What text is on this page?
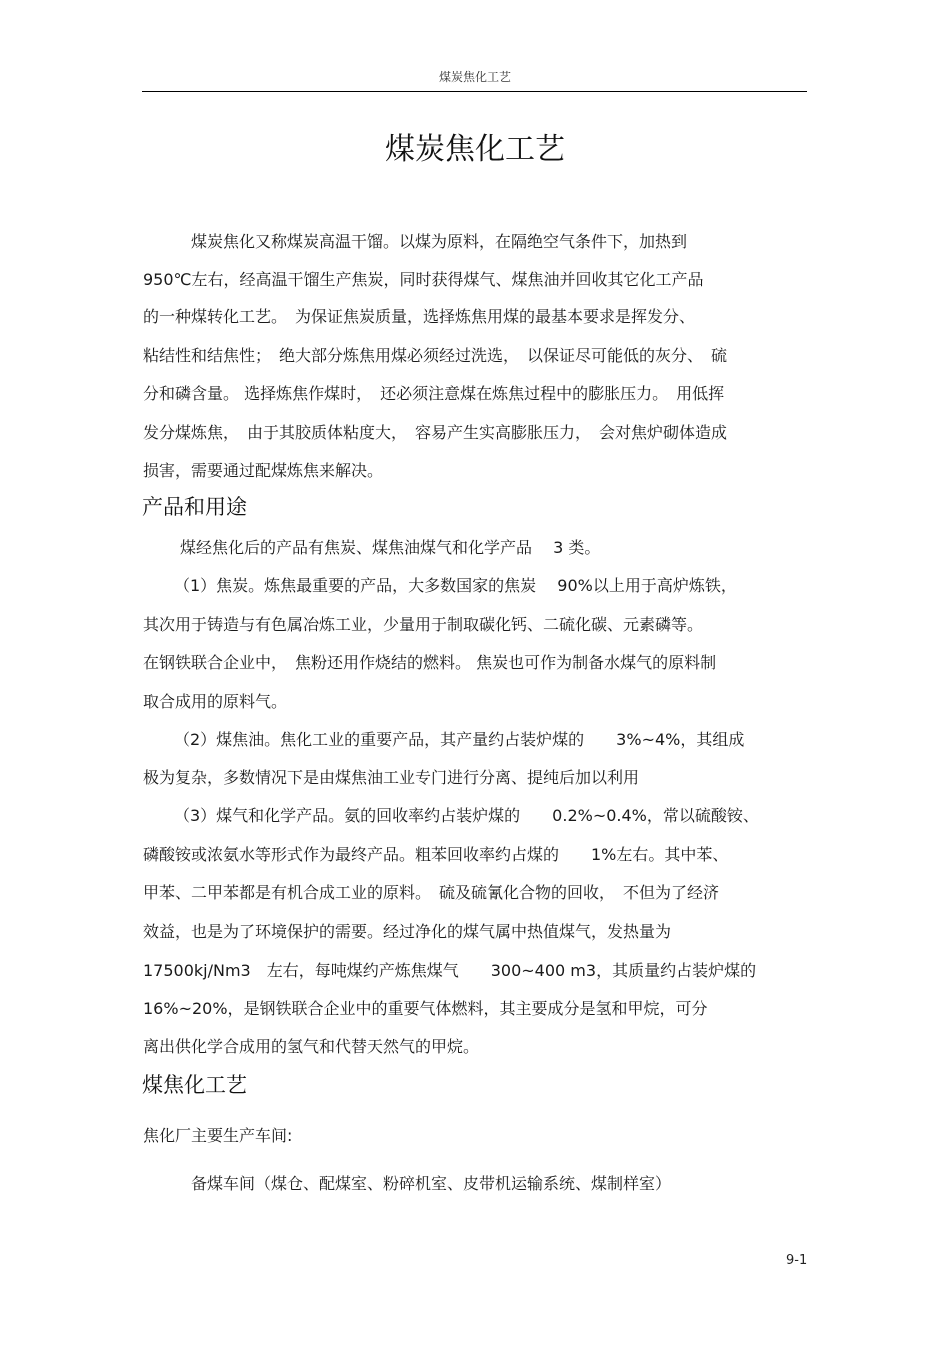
煤炭焦化工艺
煤炭焦化工艺
煤炭焦化又称煤炭高温干馏。以煤为原料，在隔绝空气条件下，加热到
950℃左右，经高温干馏生产焦炭，同时获得煤气、煤焦油并回收其它化工产品
的一种煤转化工艺。　为保证焦炭质量，选择炼焦用煤的最基本要求是挥发分、
粘结性和结焦性；　绝大部分炼焦用煤必须经过洗选，　以保证尽可能低的灰分、　硫
分和磷含量。 选择炼焦作煤时，　还必须注意煤在炼焦过程中的膨胀压力。　用低挥
发分煤炼焦，　由于其胶质体粘度大，　容易产生实高膨胀压力，　会对焦炉砌体造成
损害，需要通过配煤炼焦来解决。
产品和用途
煤经焦化后的产品有焦炭、煤焦油煤气和化学产品　 3 类。
（1）焦炭。炼焦最重要的产品，大多数国家的焦炭　 90%以上用于高炉炼铁，
其次用于铸造与有色属冶炼工业，少量用于制取碳化钙、二硫化碳、元素磷等。
在钢铁联合企业中，　焦粉还用作烧结的燃料。 焦炭也可作为制备水煤气的原料制
取合成用的原料气。
（2）煤焦油。焦化工业的重要产品，其产量约占装炉煤的　　3%~4%，其组成
极为复杂，多数情况下是由煤焦油工业专门进行分离、提纯后加以利用
（3）煤气和化学产品。氨的回收率约占装炉煤的　　0.2%~0.4%，常以硫酸铵、
磷酸铵或浓氨水等形式作为最终产品。粗苯回收率约占煤的　　1%左右。其中苯、
甲苯、二甲苯都是有机合成工业的原料。　硫及硫氰化合物的回收，　不但为了经济
效益，也是为了环境保护的需要。经过净化的煤气属中热值煤气，发热量为
17500kj/Nm3　左右，每吨煤约产炼焦煤气　　300~400 m3，其质量约占装炉煤的
16%~20%，是钢铁联合企业中的重要气体燃料，其主要成分是氢和甲烷，可分
离出供化学合成用的氢气和代替天然气的甲烷。
煤焦化工艺
焦化厂主要生产车间:
备煤车间（煤仓、配煤室、粉碎机室、皮带机运输系统、煤制样室）
9-1
